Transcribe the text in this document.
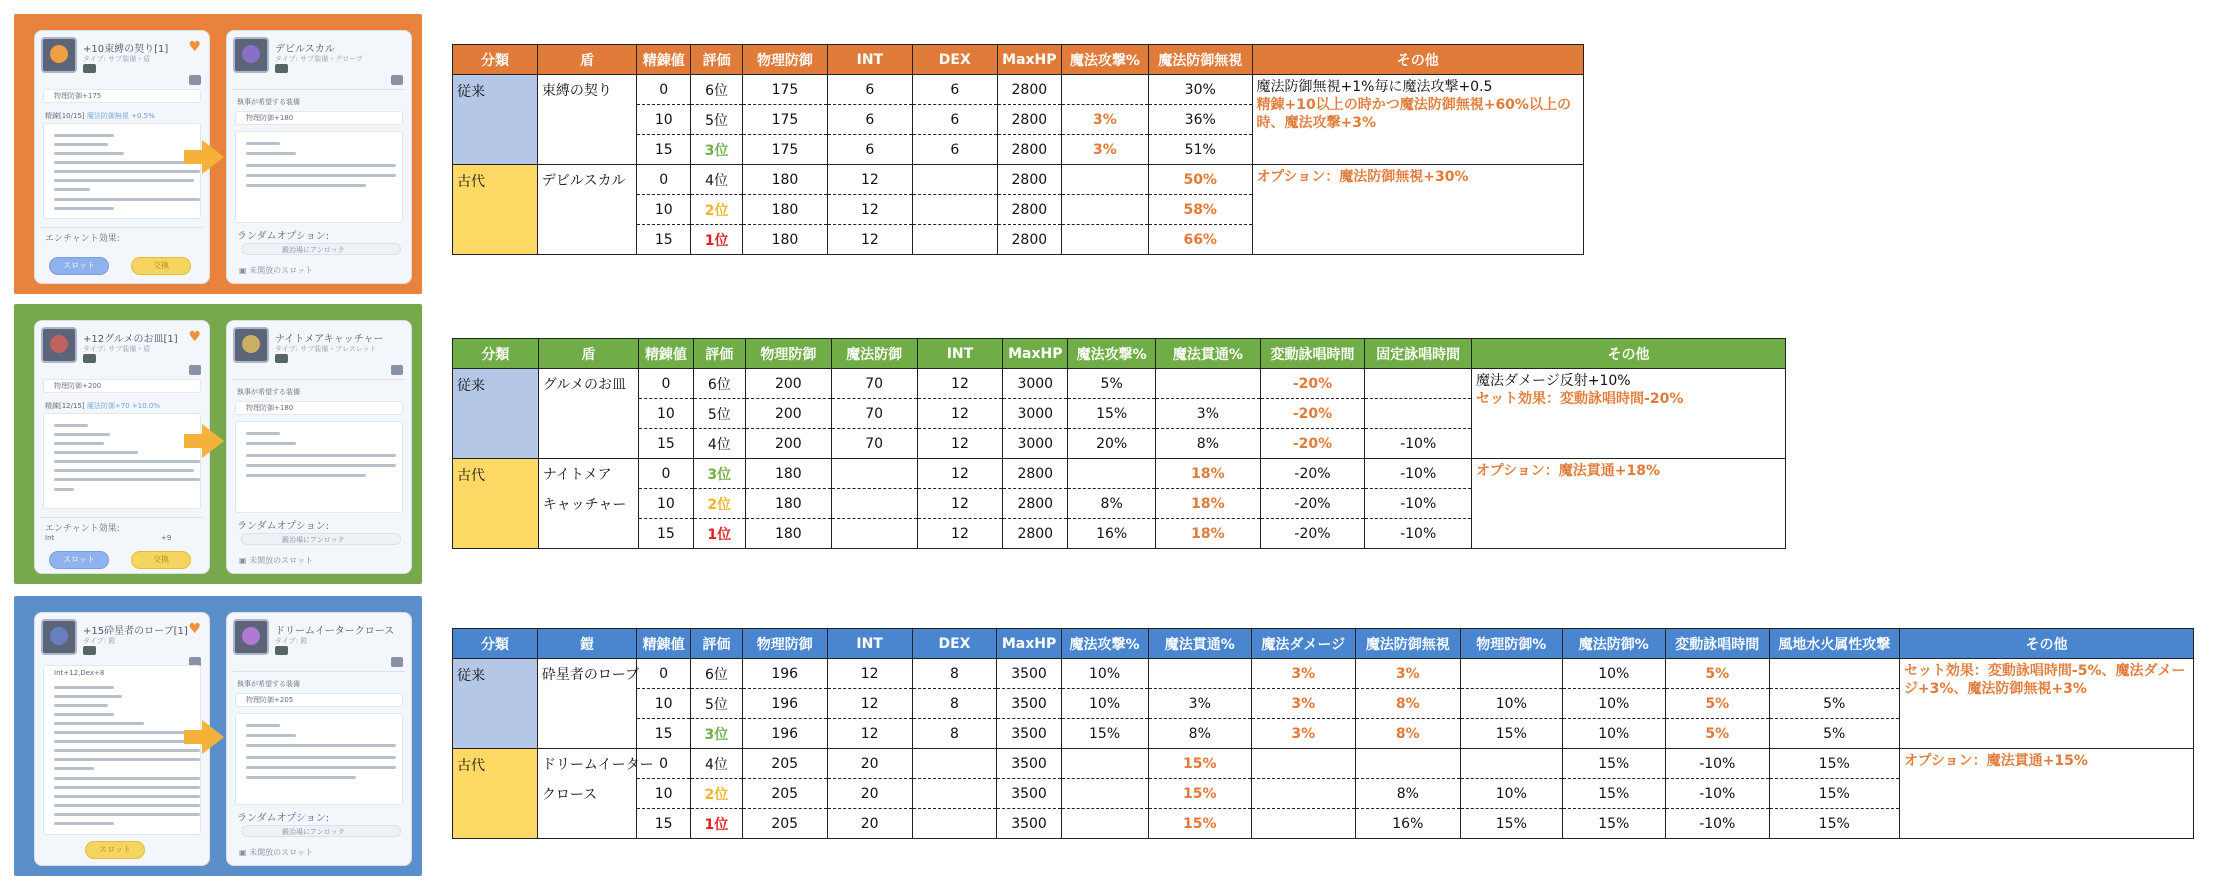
+10束縛の契り[1]
タイプ: サブ装備・盾
♥
物理防御+175
精錬[10/15] 魔法防御無視 +0.5%
エンチャント効果:
スロット	交換
デビルスカル
タイプ: サブ装備・グローブ
執事が希望する装備
物理防御+180
ランダムオプション:
鍛冶場にアンロック
▣ 未開放のスロット
+12グルメのお皿[1]
タイプ: サブ装備・盾
♥
物理防御+200
精錬[12/15] 魔法防御+70 +10.0%
エンチャント効果:
Int	+9
スロット	交換
ナイトメアキャッチャー
タイプ: サブ装備・ブレスレット
執事が希望する装備
物理防御+180
ランダムオプション:
鍛冶場にアンロック
▣ 未開放のスロット
+15砕星者のローブ[1]
タイプ: 鎧
♥
Int+12,Dex+8
スロット
ドリームイータークロース
タイプ: 鎧
執事が希望する装備
物理防御+205
ランダムオプション:
鍛冶場にアンロック
▣ 未開放のスロット
分類	盾	精錬値	評価	物理防御	INT	DEX	MaxHP	魔法攻撃%	魔法防御無視	その他
従来	束縛の契り	0	6位	175	6	6	2800		30%	魔法防御無視+1%毎に魔法攻撃+0.5
精錬+10以上の時かつ魔法防御無視+60%以上の時、魔法攻撃+3%

		10	5位	175	6	6	2800	3%	36%	
		15	3位	175	6	6	2800	3%	51%	
古代	デビルスカル	0	4位	180	12		2800		50%	オプション：魔法防御無視+30%

		10	2位	180	12		2800		58%	
		15	1位	180	12		2800		66%	
分類	盾	精錬値	評価	物理防御	魔法防御	INT	MaxHP	魔法攻撃%	魔法貫通%	変動詠唱時間	固定詠唱時間	その他
従来	グルメのお皿	0	6位	200	70	12	3000	5%		-20%		魔法ダメージ反射+10%
セット効果：変動詠唱時間-20%

		10	5位	200	70	12	3000	15%	3%	-20%		
		15	4位	200	70	12	3000	20%	8%	-20%	-10%	
古代	ナイトメア	0	3位	180		12	2800		18%	-20%	-10%	オプション：魔法貫通+18%

	キャッチャー	10	2位	180		12	2800	8%	18%	-20%	-10%	
		15	1位	180		12	2800	16%	18%	-20%	-10%	
分類	鎧	精錬値	評価	物理防御	INT	DEX	MaxHP	魔法攻撃%	魔法貫通%	魔法ダメージ	魔法防御無視	物理防御%	魔法防御%	変動詠唱時間	風地水火属性攻撃	その他
従来	砕星者のローブ	0	6位	196	12	8	3500	10%		3%	3%		10%	5%		セット効果：変動詠唱時間-5%、魔法ダメージ+3%、魔法防御無視+3%

		10	5位	196	12	8	3500	10%	3%	3%	8%	10%	10%	5%	5%	
		15	3位	196	12	8	3500	15%	8%	3%	8%	15%	10%	5%	5%	
古代	ドリームイーター	0	4位	205	20		3500		15%				15%	-10%	15%	オプション：魔法貫通+15%

	クロース	10	2位	205	20		3500		15%		8%	10%	15%	-10%	15%	
		15	1位	205	20		3500		15%		16%	15%	15%	-10%	15%	
